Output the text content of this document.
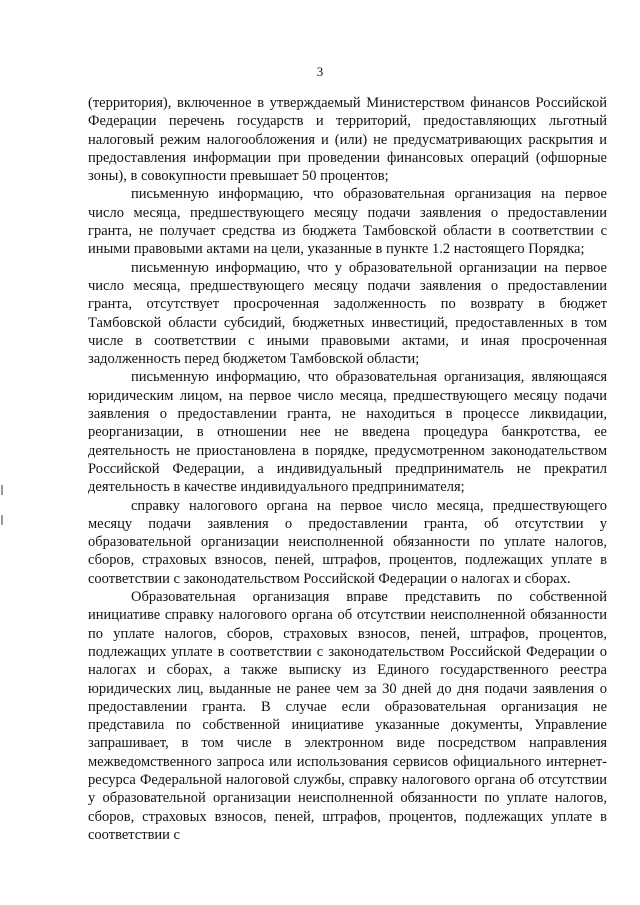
3

(территория), включенное в утверждаемый Министерством финансов Российской Федерации перечень государств и территорий, предоставляющих льготный налоговый режим налогообложения и (или) не предусматривающих раскрытия и предоставления информации при проведении финансовых операций (офшорные зоны), в совокупности превышает 50 процентов;

письменную информацию, что образовательная организация на первое число месяца, предшествующего месяцу подачи заявления о предоставлении гранта, не получает средства из бюджета Тамбовской области в соответствии с иными правовыми актами на цели, указанные в пункте 1.2 настоящего Порядка;

письменную информацию, что у образовательной организации на первое число месяца, предшествующего месяцу подачи заявления о предоставлении гранта, отсутствует просроченная задолженность по возврату в бюджет Тамбовской области субсидий, бюджетных инвестиций, предоставленных в том числе в соответствии с иными правовыми актами, и иная просроченная задолженность перед бюджетом Тамбовской области;

письменную информацию, что образовательная организация, являющаяся юридическим лицом, на первое число месяца, предшествующего месяцу подачи заявления о предоставлении гранта, не находиться в процессе ликвидации, реорганизации, в отношении нее не введена процедура банкротства, ее деятельность не приостановлена в порядке, предусмотренном законодательством Российской Федерации, а индивидуальный предприниматель не прекратил деятельность в качестве индивидуального предпринимателя;

справку налогового органа на первое число месяца, предшествующего месяцу подачи заявления о предоставлении гранта, об отсутствии у образовательной организации неисполненной обязанности по уплате налогов, сборов, страховых взносов, пеней, штрафов, процентов, подлежащих уплате в соответствии с законодательством Российской Федерации о налогах и сборах.

Образовательная организация вправе представить по собственной инициативе справку налогового органа об отсутствии неисполненной обязанности по уплате налогов, сборов, страховых взносов, пеней, штрафов, процентов, подлежащих уплате в соответствии с законодательством Российской Федерации о налогах и сборах, а также выписку из Единого государственного реестра юридических лиц, выданные не ранее чем за 30 дней до дня подачи заявления о предоставлении гранта. В случае если образовательная организация не представила по собственной инициативе указанные документы, Управление запрашивает, в том числе в электронном виде посредством направления межведомственного запроса или использования сервисов официального интернет-ресурса Федеральной налоговой службы, справку налогового органа об отсутствии у образовательной организации неисполненной обязанности по уплате налогов, сборов, страховых взносов, пеней, штрафов, процентов, подлежащих уплате в соответствии с
